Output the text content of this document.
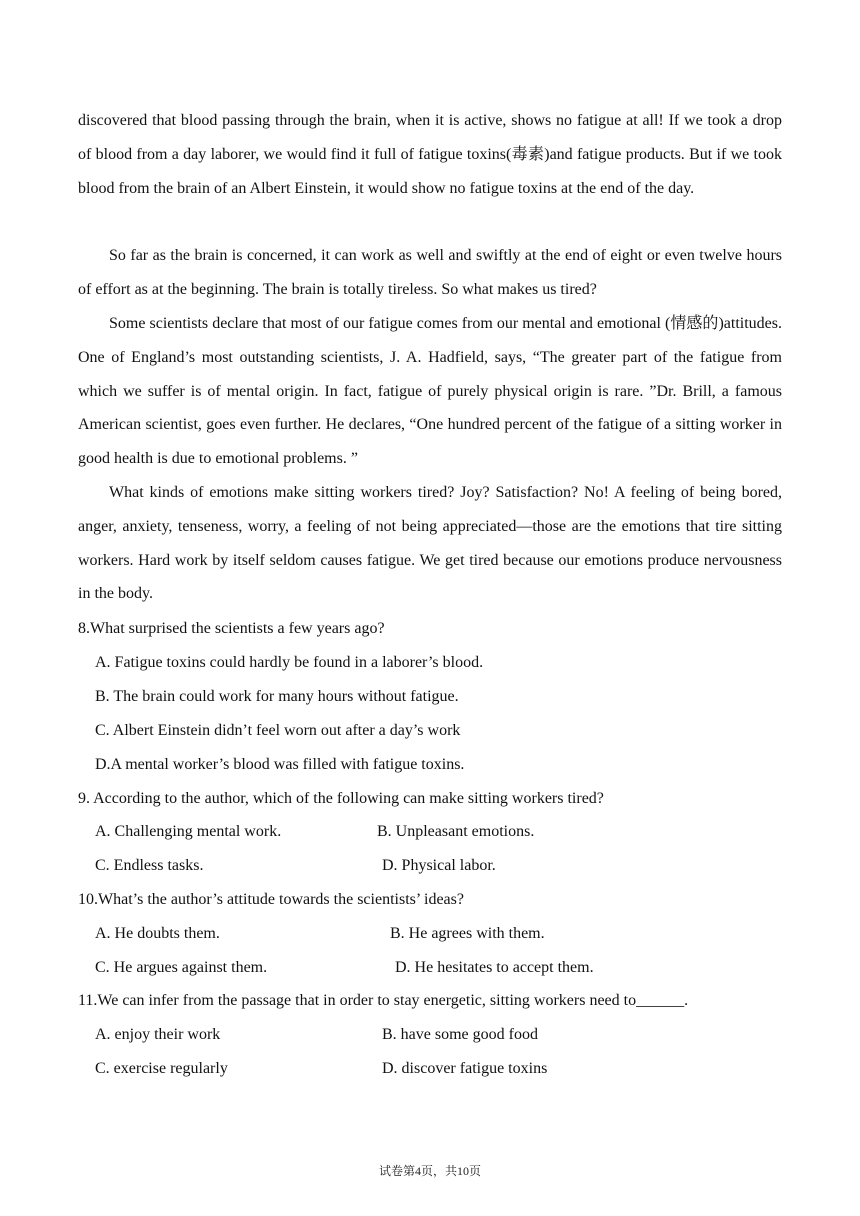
discovered that blood passing through the brain, when it is active, shows no fatigue at all! If we took a drop of blood from a day laborer, we would find it full of fatigue toxins(毒素)and fatigue products. But if we took blood from the brain of an Albert Einstein, it would show no fatigue toxins at the end of the day.

So far as the brain is concerned, it can work as well and swiftly at the end of eight or even twelve hours of effort as at the beginning. The brain is totally tireless. So what makes us tired?

Some scientists declare that most of our fatigue comes from our mental and emotional (情感的)attitudes. One of England’s most outstanding scientists, J. A. Hadfield, says, “The greater part of the fatigue from which we suffer is of mental origin. In fact, fatigue of purely physical origin is rare. ”Dr. Brill, a famous American scientist, goes even further. He declares, “One hundred percent of the fatigue of a sitting worker in good health is due to emotional problems. ”

What kinds of emotions make sitting workers tired? Joy? Satisfaction? No! A feeling of being bored, anger, anxiety, tenseness, worry, a feeling of not being appreciated—those are the emotions that tire sitting workers. Hard work by itself seldom causes fatigue. We get tired because our emotions produce nervousness in the body.

8.What surprised the scientists a few years ago?

A. Fatigue toxins could hardly be found in a laborer’s blood.

B. The brain could work for many hours without fatigue.

C. Albert Einstein didn’t feel worn out after a day’s work

D.A mental worker’s blood was filled with fatigue toxins.

9. According to the author, which of the following can make sitting workers tired?

A. Challenging mental work.	B. Unpleasant emotions.

C. Endless tasks.	D. Physical labor.

10.What’s the author’s attitude towards the scientists’ ideas?

A. He doubts them.	B. He agrees with them.

C. He argues against them.	D. He hesitates to accept them.

11.We can infer from the passage that in order to stay energetic, sitting workers need to______.

A. enjoy their work	B. have some good food

C. exercise regularly	D. discover fatigue toxins

试卷第4页，共10页
